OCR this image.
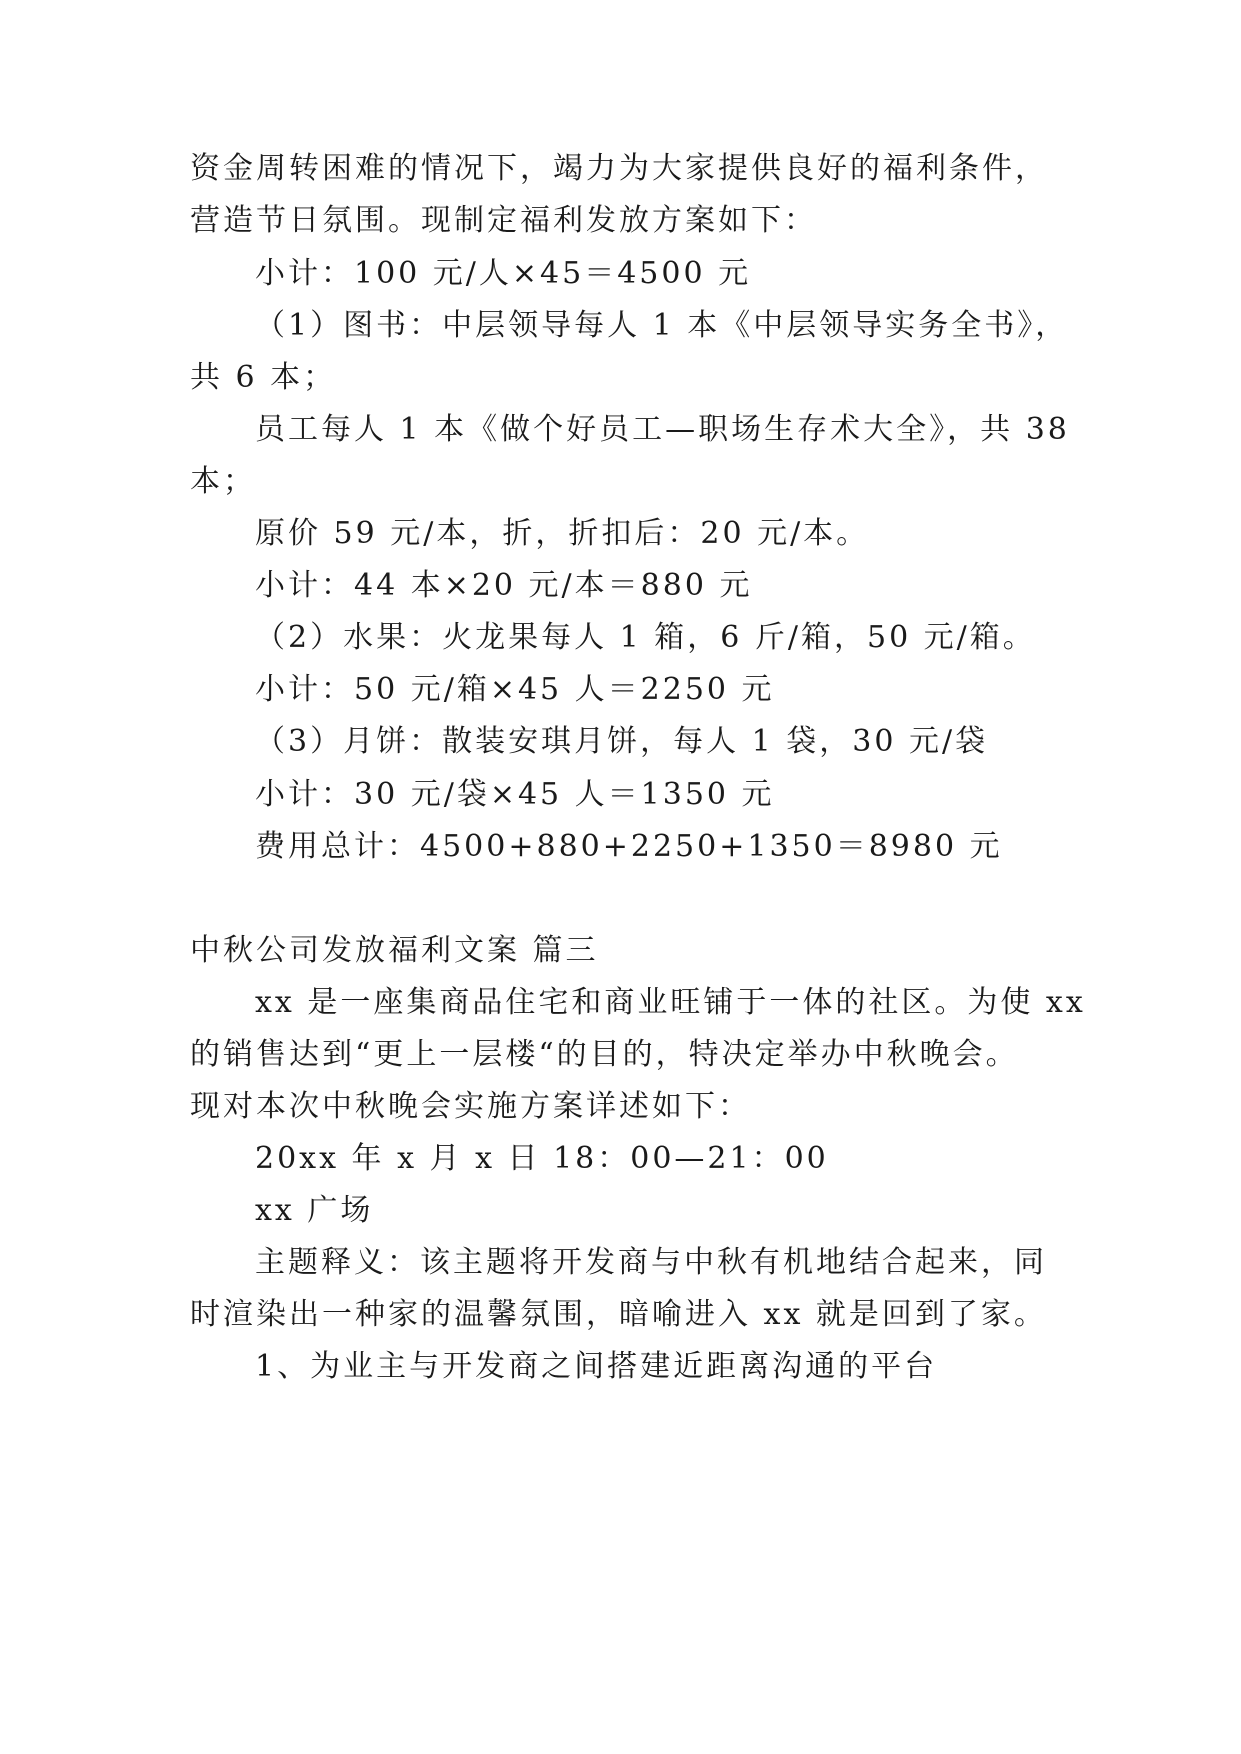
资金周转困难的情况下，竭力为大家提供良好的福利条件，
营造节日氛围。现制定福利发放方案如下：
小计：100 元/人×45＝4500 元
（1）图书：中层领导每人 1 本《中层领导实务全书》，
共 6 本；
员工每人 1 本《做个好员工—职场生存术大全》，共 38
本；
原价 59 元/本，折，折扣后：20 元/本。
小计：44 本×20 元/本＝880 元
（2）水果：火龙果每人 1 箱，6 斤/箱，50 元/箱。
小计：50 元/箱×45 人＝2250 元
（3）月饼：散装安琪月饼，每人 1 袋，30 元/袋
小计：30 元/袋×45 人＝1350 元
费用总计：4500+880+2250+1350＝8980 元
中秋公司发放福利文案 篇三
xx 是一座集商品住宅和商业旺铺于一体的社区。为使 xx
的销售达到“更上一层楼“的目的，特决定举办中秋晚会。
现对本次中秋晚会实施方案详述如下：
20xx 年 x 月 x 日 18：00—21：00
xx 广场
主题释义：该主题将开发商与中秋有机地结合起来，同
时渲染出一种家的温馨氛围，暗喻进入 xx 就是回到了家。
1、为业主与开发商之间搭建近距离沟通的平台
